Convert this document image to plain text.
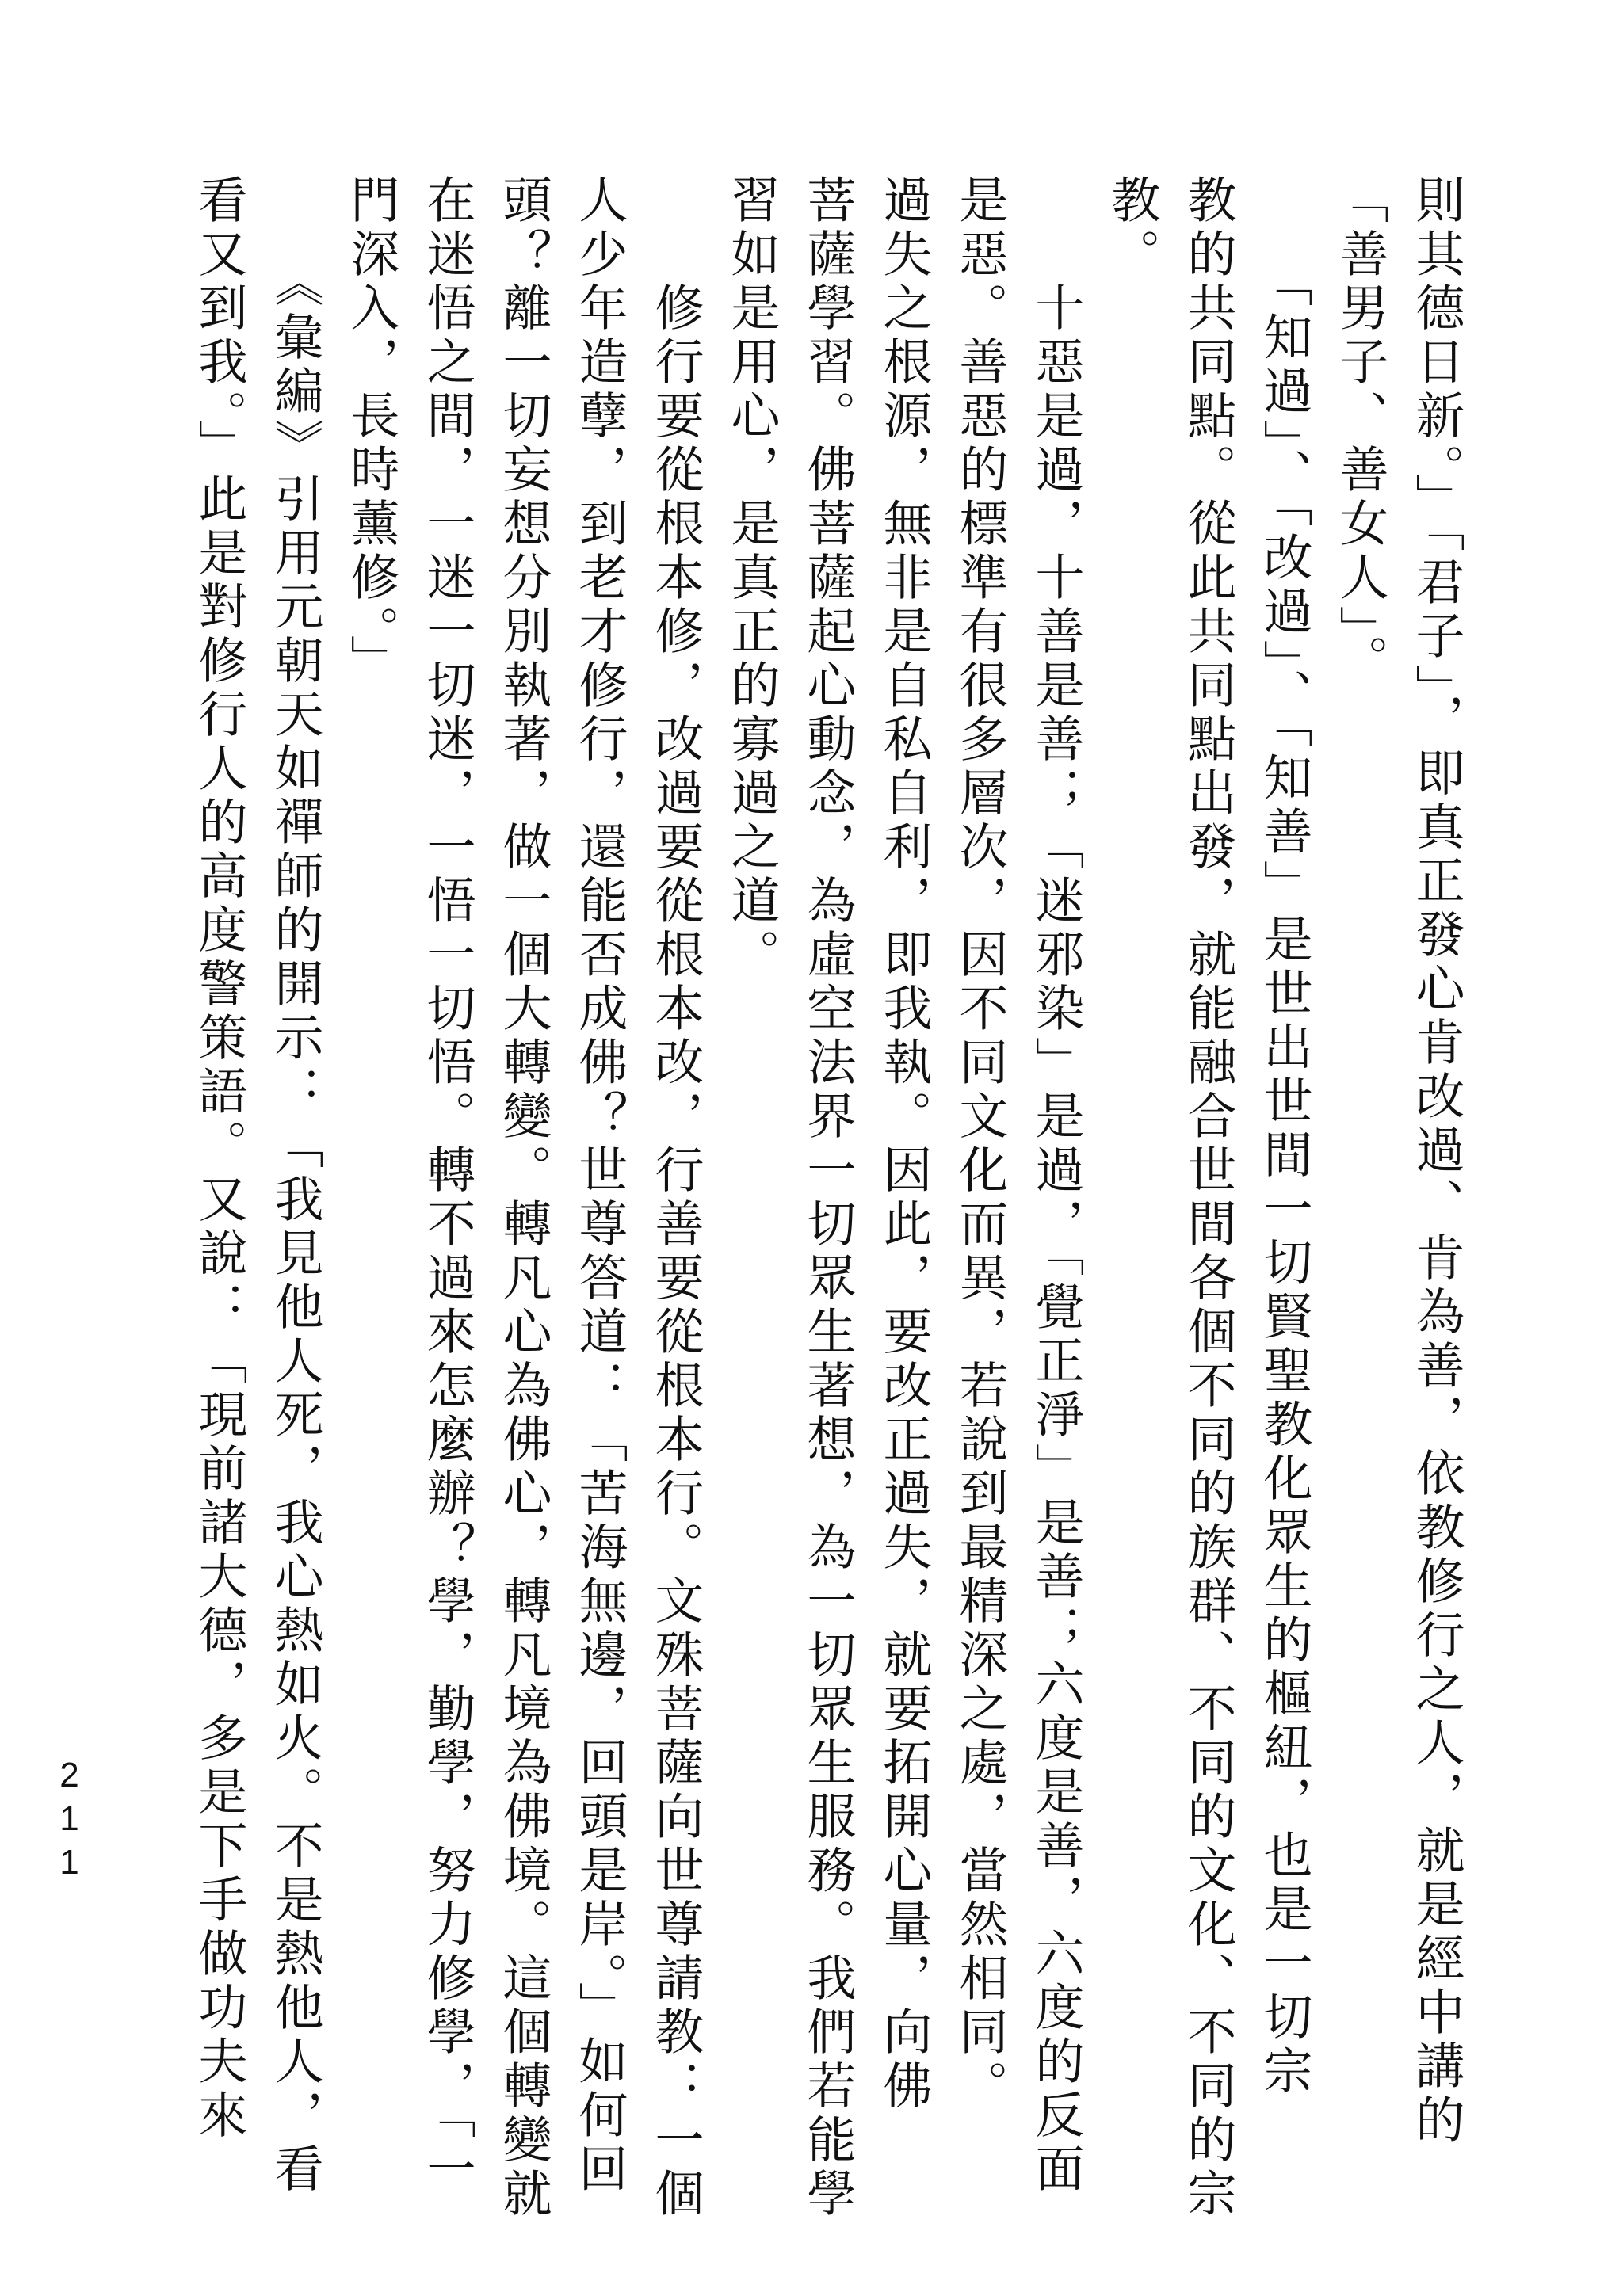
則其德日新。」「君子」，即真正發心肯改過、肯為善，依教修行之人，就是經中講的

「善男子、善女人」。

　　「知過」、「改過」、「知善」是世出世間一切賢聖教化眾生的樞紐，也是一切宗

教的共同點。從此共同點出發，就能融合世間各個不同的族群、不同的文化、不同的宗

教。

　　十惡是過，十善是善；「迷邪染」是過，「覺正淨」是善；六度是善，六度的反面

是惡。善惡的標準有很多層次，因不同文化而異，若說到最精深之處，當然相同。

過失之根源，無非是自私自利，即我執。因此，要改正過失，就要拓開心量，向佛

菩薩學習。佛菩薩起心動念，為虛空法界一切眾生著想，為一切眾生服務。我們若能學

習如是用心，是真正的寡過之道。

　　修行要從根本修，改過要從根本改，行善要從根本行。文殊菩薩向世尊請教：一個

人少年造孽，到老才修行，還能否成佛？世尊答道：「苦海無邊，回頭是岸。」如何回

頭？離一切妄想分別執著，做一個大轉變。轉凡心為佛心，轉凡境為佛境。這個轉變就

在迷悟之間，一迷一切迷，一悟一切悟。轉不過來怎麼辦？學，勤學，努力修學，「一

門深入，長時薰修。」

　　《彙編》引用元朝天如禪師的開示：「我見他人死，我心熱如火。不是熱他人，看

看又到我。」此是對修行人的高度警策語。又說：「現前諸大德，多是下手做功夫來

211
